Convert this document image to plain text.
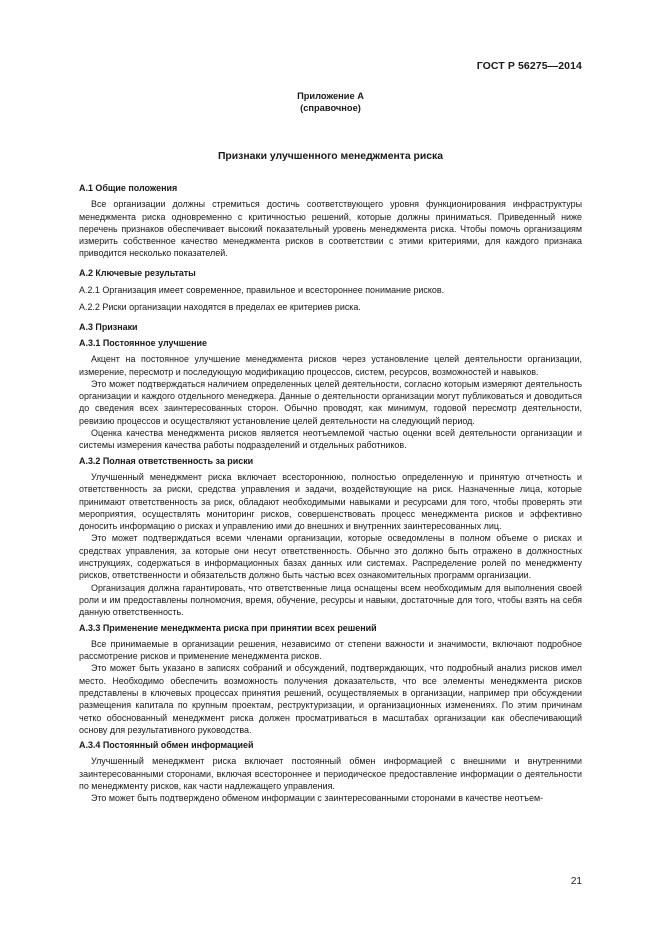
ГОСТ Р 56275—2014
Приложение А
(справочное)
Признаки улучшенного менеджмента риска
А.1 Общие положения

Все организации должны стремиться достичь соответствующего уровня функционирования инфраструктуры менеджмента риска одновременно с критичностью решений, которые должны приниматься. Приведенный ниже перечень признаков обеспечивает высокий показательный уровень менеджмента риска. Чтобы помочь организациям измерить собственное качество менеджмента рисков в соответствии с этими критериями, для каждого признака приводится несколько показателей.

А.2 Ключевые результаты

А.2.1 Организация имеет современное, правильное и всестороннее понимание рисков.

А.2.2 Риски организации находятся в пределах ее критериев риска.

А.3 Признаки
А.3.1 Постоянное улучшение

Акцент на постоянное улучшение менеджмента рисков через установление целей деятельности организации, измерение, пересмотр и последующую модификацию процессов, систем, ресурсов, возможностей и навыков.

Это может подтверждаться наличием определенных целей деятельности, согласно которым измеряют деятельность организации и каждого отдельного менеджера. Данные о деятельности организации могут публиковаться и доводиться до сведения всех заинтересованных сторон. Обычно проводят, как минимум, годовой пересмотр деятельности, ревизию процессов и осуществляют установление целей деятельности на следующий период.

Оценка качества менеджмента рисков является неотъемлемой частью оценки всей деятельности организации и системы измерения качества работы подразделений и отдельных работников.

А.3.2 Полная ответственность за риски

Улучшенный менеджмент риска включает всестороннюю, полностью определенную и принятую отчетность и ответственность за риски, средства управления и задачи, воздействующие на риск. Назначенные лица, которые принимают ответственность за риск, обладают необходимыми навыками и ресурсами для того, чтобы проверять эти мероприятия, осуществлять мониторинг рисков, совершенствовать процесс менеджмента рисков и эффективно доносить информацию о рисках и управлению ими до внешних и внутренних заинтересованных лиц.

Это может подтверждаться всеми членами организации, которые осведомлены в полном объеме о рисках и средствах управления, за которые они несут ответственность. Обычно это должно быть отражено в должностных инструкциях, содержаться в информационных базах данных или системах. Распределение ролей по менеджменту рисков, ответственности и обязательств должно быть частью всех ознакомительных программ организации.

Организация должна гарантировать, что ответственные лица оснащены всем необходимым для выполнения своей роли и им предоставлены полномочия, время, обучение, ресурсы и навыки, достаточные для того, чтобы взять на себя данную ответственность.

А.3.3 Применение менеджмента риска при принятии всех решений

Все принимаемые в организации решения, независимо от степени важности и значимости, включают подробное рассмотрение рисков и применение менеджмента рисков.

Это может быть указано в записях собраний и обсуждений, подтверждающих, что подробный анализ рисков имел место. Необходимо обеспечить возможность получения доказательств, что все элементы менеджмента рисков представлены в ключевых процессах принятия решений, осуществляемых в организации, например при обсуждении размещения капитала по крупным проектам, реструктуризации, и организационных изменениях. По этим причинам четко обоснованный менеджмент риска должен просматриваться в масштабах организации как обеспечивающий основу для результативного руководства.

А.3.4 Постоянный обмен информацией

Улучшенный менеджмент риска включает постоянный обмен информацией с внешними и внутренними заинтересованными сторонами, включая всестороннее и периодическое предоставление информации о деятельности по менеджменту рисков, как части надлежащего управления.

Это может быть подтверждено обменом информации с заинтересованными сторонами в качестве неотъем-

21
